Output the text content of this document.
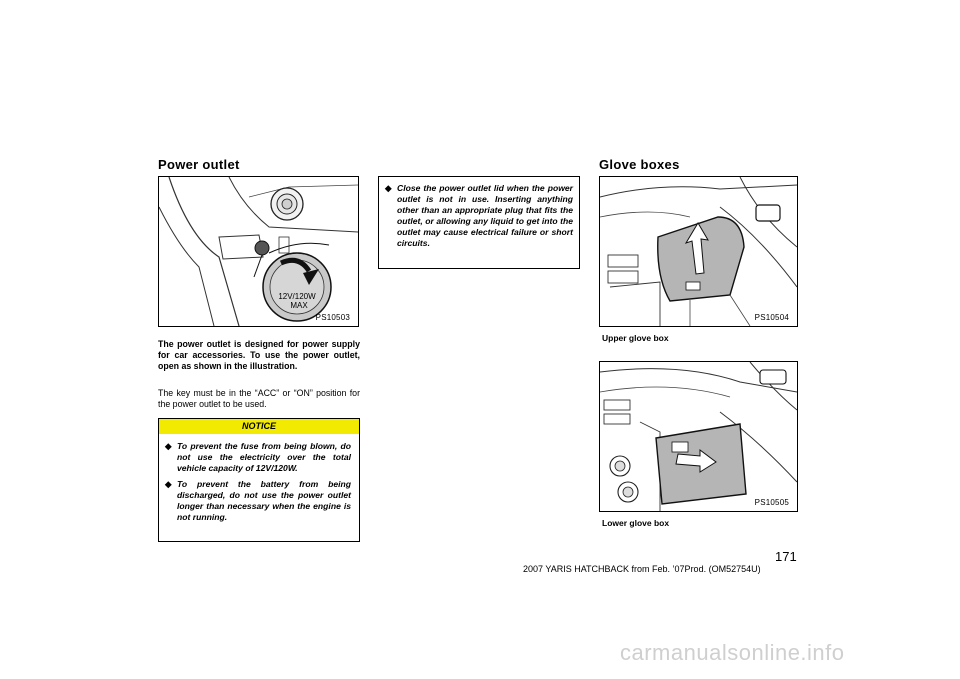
Power outlet
12V/120W
MAX
PS10503
The power outlet is designed for power supply for car accessories. To use the power outlet, open as shown in the illustration.
The key must be in the “ACC” or “ON” position for the power outlet to be used.
NOTICE
◆ To prevent the fuse from being blown, do not use the electricity over the total vehicle capacity of 12V/120W.
◆ To prevent the battery from being discharged, do not use the power outlet longer than necessary when the engine is not running.
◆ Close the power outlet lid when the power outlet is not in use. Inserting anything other than an appropriate plug that fits the outlet, or allowing any liquid to get into the outlet may cause electrical failure or short circuits.
Glove boxes
PS10504
Upper glove box
PS10505
Lower glove box
171
2007 YARIS HATCHBACK from Feb. ’07Prod. (OM52754U)
carmanualsonline.info
